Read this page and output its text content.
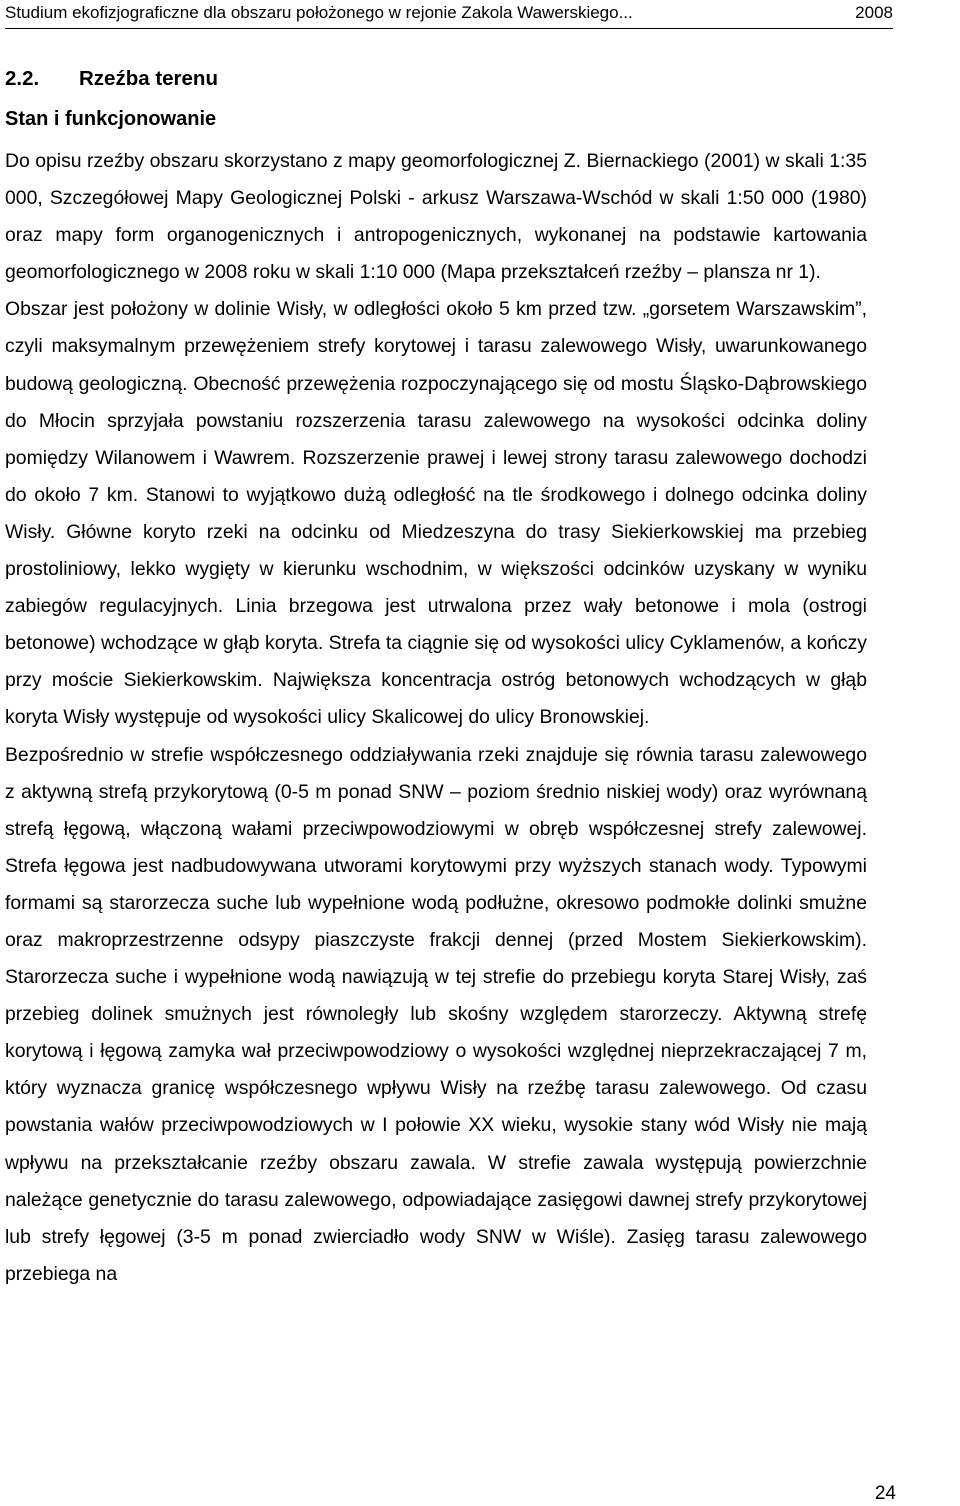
Studium ekofizjograficzne dla obszaru położonego w rejonie Zakola Wawerskiego...	2008
2.2. Rzeźba terenu
Stan i funkcjonowanie

Do opisu rzeźby obszaru skorzystano z mapy geomorfologicznej Z. Biernackiego (2001) w skali 1:35 000, Szczegółowej Mapy Geologicznej Polski - arkusz Warszawa-Wschód w skali 1:50 000 (1980) oraz mapy form organogenicznych i antropogenicznych, wykonanej na podstawie kartowania geomorfologicznego w 2008 roku w skali 1:10 000 (Mapa przekształceń rzeźby – plansza nr 1).

Obszar jest położony w dolinie Wisły, w odległości około 5 km przed tzw. „gorsetem Warszawskim”, czyli maksymalnym przewężeniem strefy korytowej i tarasu zalewowego Wisły, uwarunkowanego budową geologiczną. Obecność przewężenia rozpoczynającego się od mostu Śląsko-Dąbrowskiego do Młocin sprzyjała powstaniu rozszerzenia tarasu zalewowego na wysokości odcinka doliny pomiędzy Wilanowem i Wawrem. Rozszerzenie prawej i lewej strony tarasu zalewowego dochodzi do około 7 km. Stanowi to wyjątkowo dużą odległość na tle środkowego i dolnego odcinka doliny Wisły. Główne koryto rzeki na odcinku od Miedzeszyna do trasy Siekierkowskiej ma przebieg prostoliniowy, lekko wygięty w kierunku wschodnim, w większości odcinków uzyskany w wyniku zabiegów regulacyjnych. Linia brzegowa jest utrwalona przez wały betonowe i mola (ostrogi betonowe) wchodzące w głąb koryta. Strefa ta ciągnie się od wysokości ulicy Cyklamenów, a kończy przy moście Siekierkowskim. Największa koncentracja ostróg betonowych wchodzących w głąb koryta Wisły występuje od wysokości ulicy Skalicowej do ulicy Bronowskiej.

Bezpośrednio w strefie współczesnego oddziaływania rzeki znajduje się równia tarasu zalewowego z aktywną strefą przykorytową (0-5 m ponad SNW – poziom średnio niskiej wody) oraz wyrównaną strefą łęgową, włączoną wałami przeciwpowodziowymi w obręb współczesnej strefy zalewowej. Strefa łęgowa jest nadbudowywana utworami korytowymi przy wyższych stanach wody. Typowymi formami są starorzecza suche lub wypełnione wodą podłużne, okresowo podmokłe dolinki smużne oraz makroprzestrzenne odsypy piaszczyste frakcji dennej (przed Mostem Siekierkowskim). Starorzecza suche i wypełnione wodą nawiązują w tej strefie do przebiegu koryta Starej Wisły, zaś przebieg dolinek smużnych jest równoległy lub skośny względem starorzeczy. Aktywną strefę korytową i łęgową zamyka wał przeciwpowodziowy o wysokości względnej nieprzekraczającej 7 m, który wyznacza granicę współczesnego wpływu Wisły na rzeźbę tarasu zalewowego. Od czasu powstania wałów przeciwpowodziowych w I połowie XX wieku, wysokie stany wód Wisły nie mają wpływu na przekształcanie rzeźby obszaru zawala. W strefie zawala występują powierzchnie należące genetycznie do tarasu zalewowego, odpowiadające zasięgowi dawnej strefy przykorytowej lub strefy łęgowej (3-5 m ponad zwierciadło wody SNW w Wiśle). Zasięg tarasu zalewowego przebiega na

24
